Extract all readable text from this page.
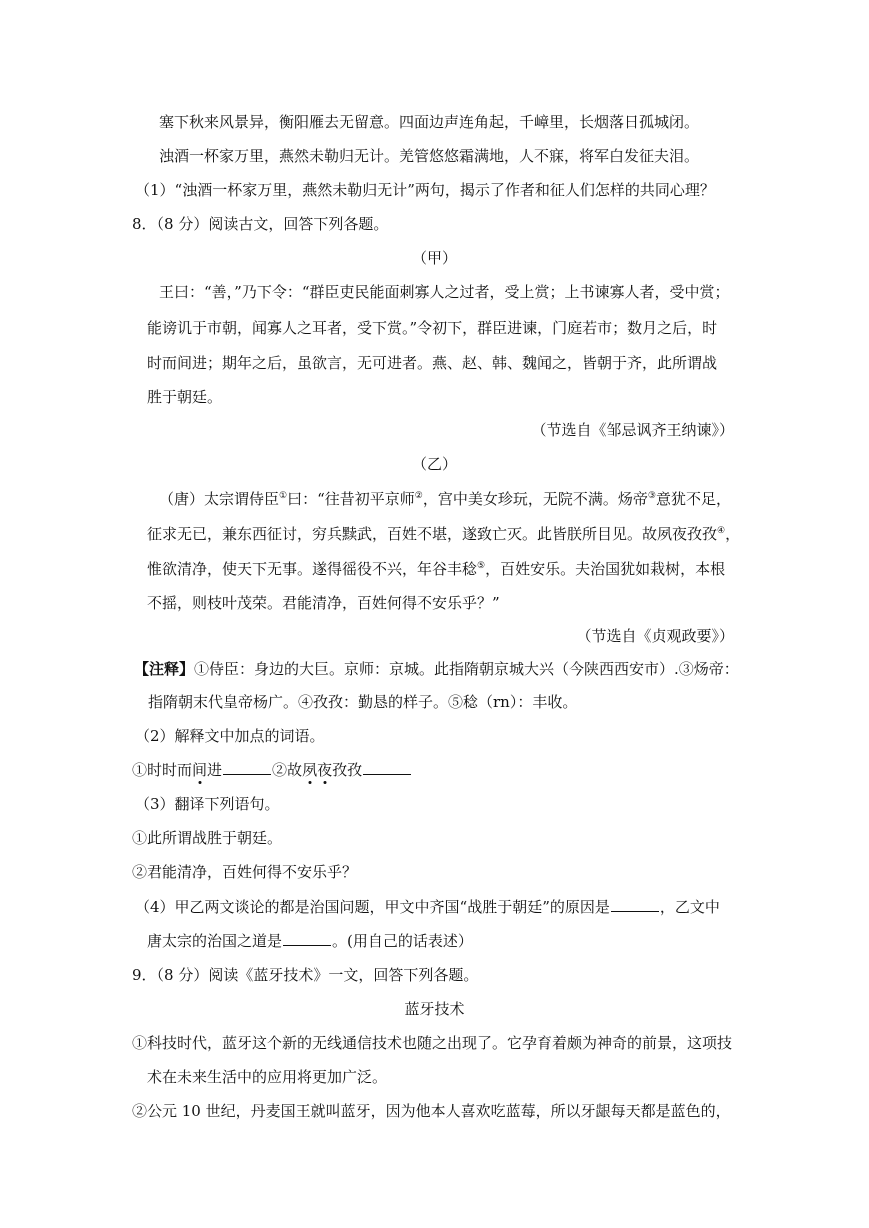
塞下秋来风景异，衡阳雁去无留意。四面边声连角起，千嶂里，长烟落日孤城闭。
浊酒一杯家万里，燕然未勒归无计。羌管悠悠霜满地，人不寐，将军白发征夫泪。
（1）“浊酒一杯家万里，燕然未勒归无计”两句，揭示了作者和征人们怎样的共同心理？
8．（8 分）阅读古文，回答下列各题。
（甲）
王曰：“善，”乃下令：“群臣吏民能面刺寡人之过者，受上赏；上书谏寡人者，受中赏；
能谤讥于市朝，闻寡人之耳者，受下赏。”令初下，群臣进谏，门庭若市；数月之后，时
时而间进；期年之后，虽欲言，无可进者。燕、赵、韩、魏闻之，皆朝于齐，此所谓战
胜于朝廷。
（节选自《邹忌讽齐王纳谏》）
（乙）
（唐）太宗谓侍臣①曰：“往昔初平京师②，宫中美女珍玩，无院不满。炀帝③意犹不足，
征求无已，兼东西征讨，穷兵黩武，百姓不堪，遂致亡灭。此皆朕所目见。故夙夜孜孜④，
惟欲清净，使天下无事。遂得徭役不兴，年谷丰稔⑤，百姓安乐。夫治国犹如栽树，本根
不摇，则枝叶茂荣。君能清净，百姓何得不安乐乎？”
（节选自《贞观政要》）
【注释】①侍臣：身边的大巨。京师：京城。此指隋朝京城大兴（今陕西西安市）.③炀帝：
指隋朝末代皇帝杨广。④孜孜：勤恳的样子。⑤稔（rn）：丰收。
（2）解释文中加点的词语。
①时时而间进	②故夙夜孜孜
（3）翻译下列语句。
①此所谓战胜于朝廷。
②君能清净，百姓何得不安乐乎？
（4）甲乙两文谈论的都是治国问题，甲文中齐国“战胜于朝廷”的原因是	，乙文中
唐太宗的治国之道是	。(用自己的话表述）
9．（8 分）阅读《蓝牙技术》一文，回答下列各题。
蓝牙技术
①科技时代，蓝牙这个新的无线通信技术也随之出现了。它孕育着颇为神奇的前景，这项技
术在未来生活中的应用将更加广泛。
②公元 10 世纪，丹麦国王就叫蓝牙，因为他本人喜欢吃蓝莓，所以牙龈每天都是蓝色的，
